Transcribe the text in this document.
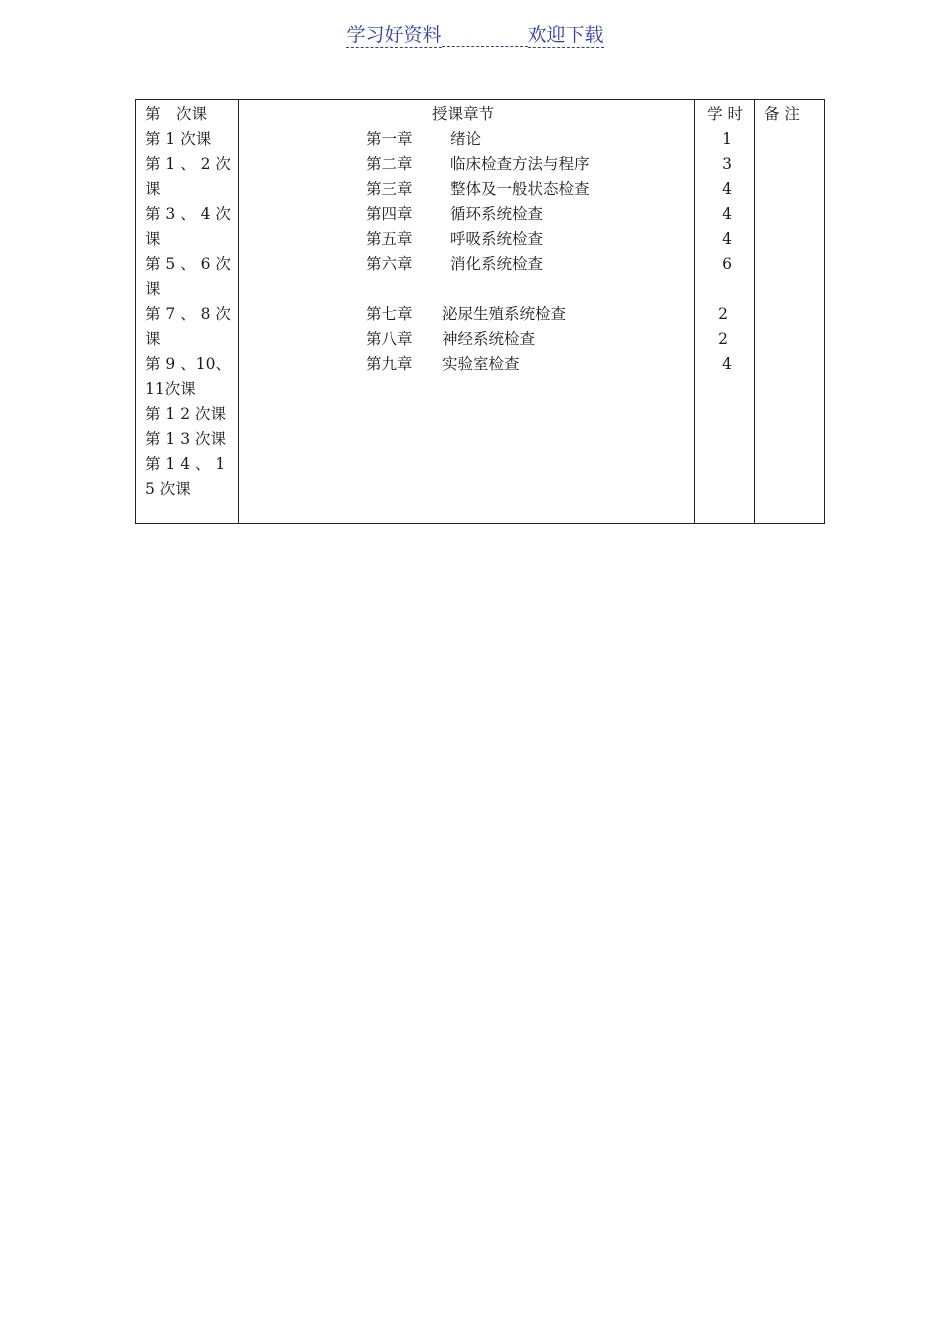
学习好资料	欢迎下载
第　次课
第 1 次课
第 1 、 2 次
课
第 3 、 4 次
课
第 5 、 6 次
课
第 7 、 8 次
课
第 9 、10、
11次课
第 1 2 次课
第 1 3 次课
第 1 4 、 1
5 次课
授课章节
第一章 绪论
第二章 临床检查方法与程序
第三章 整体及一般状态检查
第四章 循环系统检查
第五章 呼吸系统检查
第六章 消化系统检查
第七章 泌尿生殖系统检查
第八章 神经系统检查
第九章 实验室检查
学 时
1
3
4
4
4
6
2
2
4
备 注
